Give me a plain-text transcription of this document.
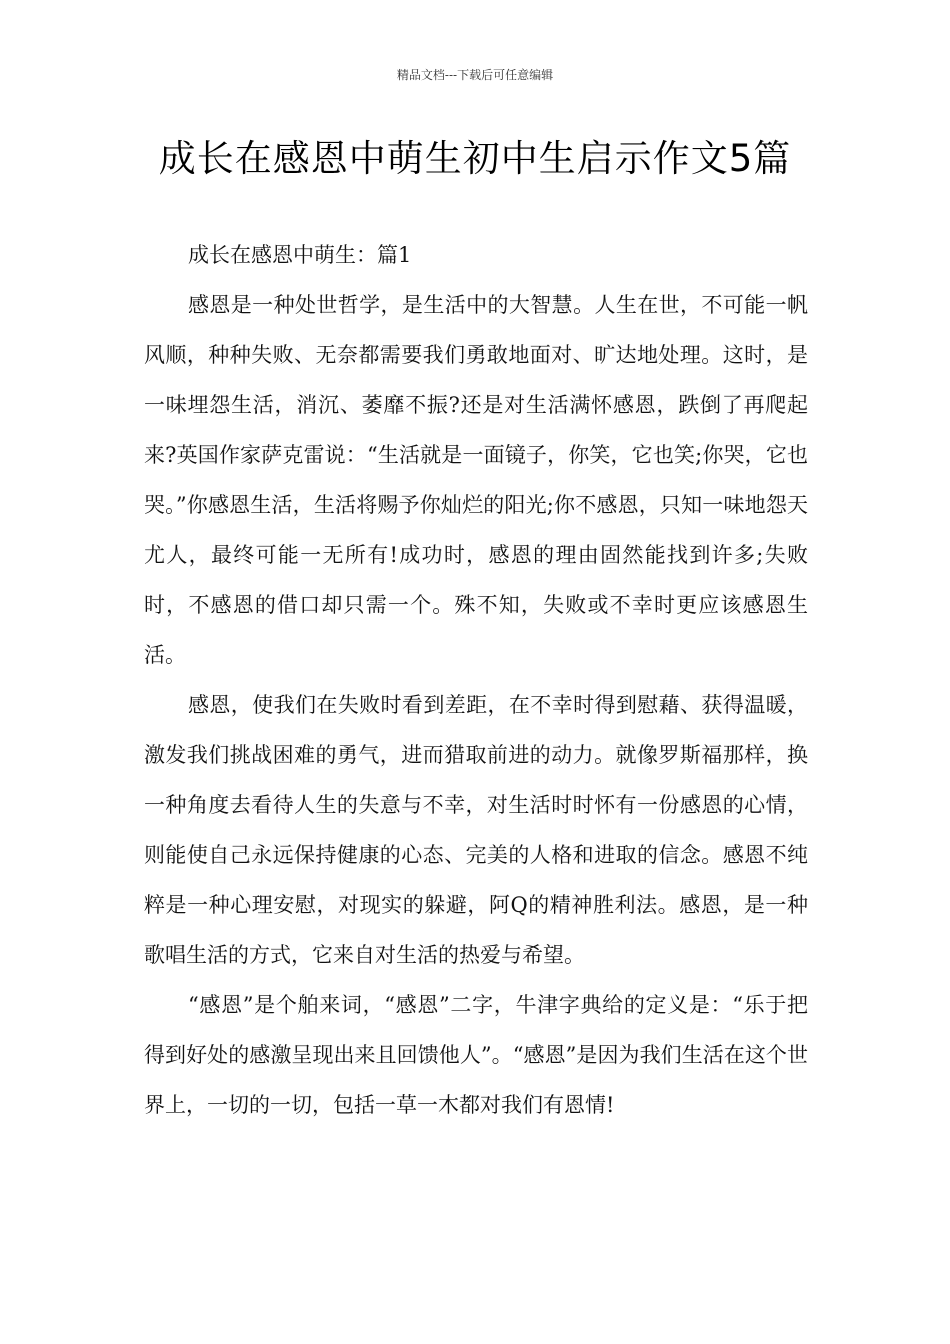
精品文档---下载后可任意编辑
成长在感恩中萌生初中生启示作文5篇

成长在感恩中萌生：篇1

感恩是一种处世哲学，是生活中的大智慧。人生在世，不可能一帆风顺，种种失败、无奈都需要我们勇敢地面对、旷达地处理。这时，是一味埋怨生活，消沉、萎靡不振?还是对生活满怀感恩，跌倒了再爬起来?英国作家萨克雷说：“生活就是一面镜子，你笑，它也笑;你哭，它也哭。”你感恩生活，生活将赐予你灿烂的阳光;你不感恩，只知一味地怨天尤人，最终可能一无所有!成功时，感恩的理由固然能找到许多;失败时，不感恩的借口却只需一个。殊不知，失败或不幸时更应该感恩生活。

感恩，使我们在失败时看到差距，在不幸时得到慰藉、获得温暖，激发我们挑战困难的勇气，进而猎取前进的动力。就像罗斯福那样，换一种角度去看待人生的失意与不幸，对生活时时怀有一份感恩的心情，则能使自己永远保持健康的心态、完美的人格和进取的信念。感恩不纯粹是一种心理安慰，对现实的躲避，阿Q的精神胜利法。感恩，是一种歌唱生活的方式，它来自对生活的热爱与希望。

“感恩”是个舶来词，“感恩”二字，牛津字典给的定义是：“乐于把得到好处的感激呈现出来且回馈他人”。“感恩”是因为我们生活在这个世界上，一切的一切，包括一草一木都对我们有恩情!
